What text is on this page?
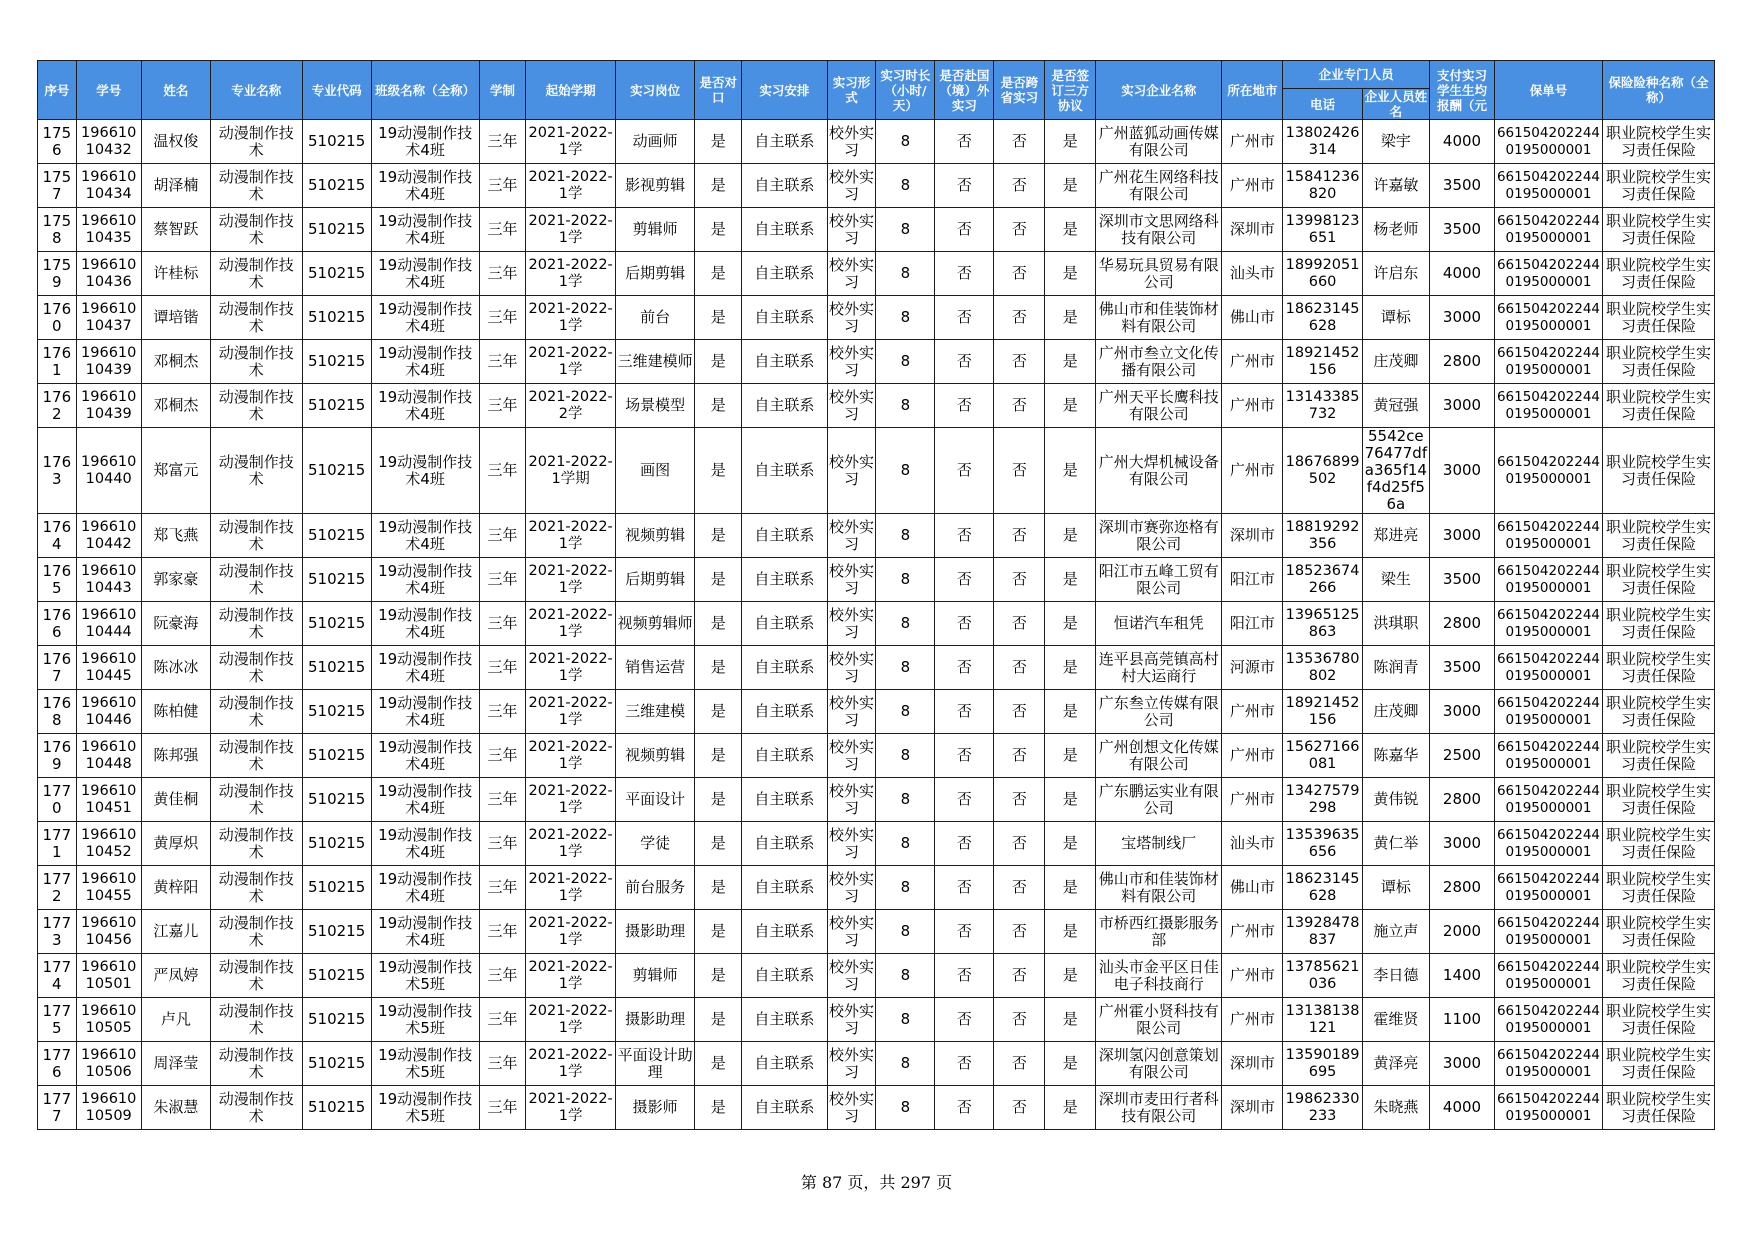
序号	学号	姓名	专业名称	专业代码	班级名称（全称）	学制	起始学期	实习岗位	是否对口	实习安排	实习形式	实习时长（小时/天）	是否赴国（境）外实习	是否跨省实习	是否签订三方协议	实习企业名称	所在地市	企业专门人员		支付实习学生生均报酬（元	保单号	保险险种名称（全称）
																		电话	企业人员姓名			
1756	19661010432	温权俊	动漫制作技术	510215	19动漫制作技术4班	三年	2021-2022-1学	动画师	是	自主联系	校外实习	8	否	否	是	广州蓝狐动画传媒有限公司	广州市	13802426314	梁宇	4000	6615042022440195000001	职业院校学生实习责任保险
1757	19661010434	胡泽楠	动漫制作技术	510215	19动漫制作技术4班	三年	2021-2022-1学	影视剪辑	是	自主联系	校外实习	8	否	否	是	广州花生网络科技有限公司	广州市	15841236820	许嘉敏	3500	6615042022440195000001	职业院校学生实习责任保险
1758	19661010435	蔡智跃	动漫制作技术	510215	19动漫制作技术4班	三年	2021-2022-1学	剪辑师	是	自主联系	校外实习	8	否	否	是	深圳市文思网络科技有限公司	深圳市	13998123651	杨老师	3500	6615042022440195000001	职业院校学生实习责任保险
1759	19661010436	许桂标	动漫制作技术	510215	19动漫制作技术4班	三年	2021-2022-1学	后期剪辑	是	自主联系	校外实习	8	否	否	是	华易玩具贸易有限公司	汕头市	18992051660	许启东	4000	6615042022440195000001	职业院校学生实习责任保险
1760	19661010437	谭培锴	动漫制作技术	510215	19动漫制作技术4班	三年	2021-2022-1学	前台	是	自主联系	校外实习	8	否	否	是	佛山市和佳装饰材料有限公司	佛山市	18623145628	谭标	3000	6615042022440195000001	职业院校学生实习责任保险
1761	19661010439	邓桐杰	动漫制作技术	510215	19动漫制作技术4班	三年	2021-2022-1学	三维建模师	是	自主联系	校外实习	8	否	否	是	广州市叁立文化传播有限公司	广州市	18921452156	庄茂卿	2800	6615042022440195000001	职业院校学生实习责任保险
1762	19661010439	邓桐杰	动漫制作技术	510215	19动漫制作技术4班	三年	2021-2022-2学	场景模型	是	自主联系	校外实习	8	否	否	是	广州天平长鹰科技有限公司	广州市	13143385732	黄冠强	3000	6615042022440195000001	职业院校学生实习责任保险
1763	19661010440	郑富元	动漫制作技术	510215	19动漫制作技术4班	三年	2021-2022-1学期	画图	是	自主联系	校外实习	8	否	否	是	广州大焊机械设备有限公司	广州市	18676899502	5542ce76477dfa365f14f4d25f56a	3000	6615042022440195000001	职业院校学生实习责任保险
1764	19661010442	郑飞燕	动漫制作技术	510215	19动漫制作技术4班	三年	2021-2022-1学	视频剪辑	是	自主联系	校外实习	8	否	否	是	深圳市赛弥迩格有限公司	深圳市	18819292356	郑进亮	3000	6615042022440195000001	职业院校学生实习责任保险
1765	19661010443	郭家豪	动漫制作技术	510215	19动漫制作技术4班	三年	2021-2022-1学	后期剪辑	是	自主联系	校外实习	8	否	否	是	阳江市五峰工贸有限公司	阳江市	18523674266	梁生	3500	6615042022440195000001	职业院校学生实习责任保险
1766	19661010444	阮豪海	动漫制作技术	510215	19动漫制作技术4班	三年	2021-2022-1学	视频剪辑师	是	自主联系	校外实习	8	否	否	是	恒诺汽车租凭	阳江市	13965125863	洪琪职	2800	6615042022440195000001	职业院校学生实习责任保险
1767	19661010445	陈冰冰	动漫制作技术	510215	19动漫制作技术4班	三年	2021-2022-1学	销售运营	是	自主联系	校外实习	8	否	否	是	连平县高莞镇高村村大运商行	河源市	13536780802	陈润青	3500	6615042022440195000001	职业院校学生实习责任保险
1768	19661010446	陈柏健	动漫制作技术	510215	19动漫制作技术4班	三年	2021-2022-1学	三维建模	是	自主联系	校外实习	8	否	否	是	广东叁立传媒有限公司	广州市	18921452156	庄茂卿	3000	6615042022440195000001	职业院校学生实习责任保险
1769	19661010448	陈邦强	动漫制作技术	510215	19动漫制作技术4班	三年	2021-2022-1学	视频剪辑	是	自主联系	校外实习	8	否	否	是	广州创想文化传媒有限公司	广州市	15627166081	陈嘉华	2500	6615042022440195000001	职业院校学生实习责任保险
1770	19661010451	黄佳桐	动漫制作技术	510215	19动漫制作技术4班	三年	2021-2022-1学	平面设计	是	自主联系	校外实习	8	否	否	是	广东鹏运实业有限公司	广州市	13427579298	黄伟锐	2800	6615042022440195000001	职业院校学生实习责任保险
1771	19661010452	黄厚炽	动漫制作技术	510215	19动漫制作技术4班	三年	2021-2022-1学	学徒	是	自主联系	校外实习	8	否	否	是	宝塔制线厂	汕头市	13539635656	黄仁举	3000	6615042022440195000001	职业院校学生实习责任保险
1772	19661010455	黄梓阳	动漫制作技术	510215	19动漫制作技术4班	三年	2021-2022-1学	前台服务	是	自主联系	校外实习	8	否	否	是	佛山市和佳装饰材料有限公司	佛山市	18623145628	谭标	2800	6615042022440195000001	职业院校学生实习责任保险
1773	19661010456	江嘉儿	动漫制作技术	510215	19动漫制作技术4班	三年	2021-2022-1学	摄影助理	是	自主联系	校外实习	8	否	否	是	市桥西红摄影服务部	广州市	13928478837	施立声	2000	6615042022440195000001	职业院校学生实习责任保险
1774	19661010501	严凤婷	动漫制作技术	510215	19动漫制作技术5班	三年	2021-2022-1学	剪辑师	是	自主联系	校外实习	8	否	否	是	汕头市金平区日佳电子科技商行	广州市	13785621036	李日德	1400	6615042022440195000001	职业院校学生实习责任保险
1775	19661010505	卢凡	动漫制作技术	510215	19动漫制作技术5班	三年	2021-2022-1学	摄影助理	是	自主联系	校外实习	8	否	否	是	广州霍小贤科技有限公司	广州市	13138138121	霍维贤	1100	6615042022440195000001	职业院校学生实习责任保险
1776	19661010506	周泽莹	动漫制作技术	510215	19动漫制作技术5班	三年	2021-2022-1学	平面设计助理	是	自主联系	校外实习	8	否	否	是	深圳氢闪创意策划有限公司	深圳市	13590189695	黄泽亮	3000	6615042022440195000001	职业院校学生实习责任保险
1777	19661010509	朱淑慧	动漫制作技术	510215	19动漫制作技术5班	三年	2021-2022-1学	摄影师	是	自主联系	校外实习	8	否	否	是	深圳市麦田行者科技有限公司	深圳市	19862330233	朱晓燕	4000	6615042022440195000001	职业院校学生实习责任保险
第 87 页，共 297 页
